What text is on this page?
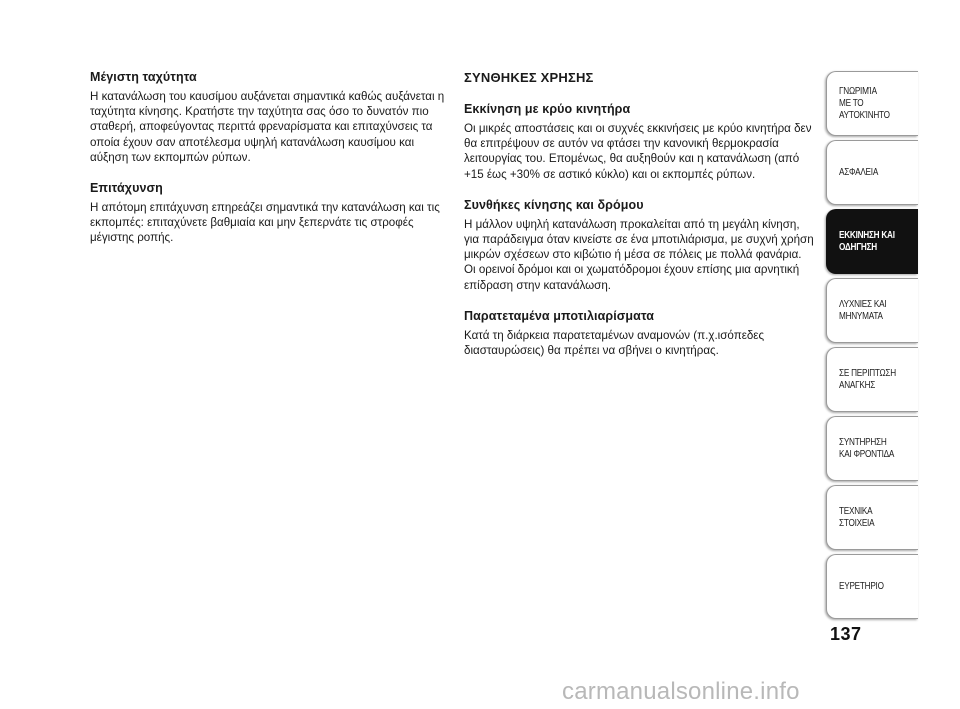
Μέγιστη ταχύτητα
Η κατανάλωση του καυσίμου αυξάνεται σημαντικά καθώς αυξάνεται η ταχύτητα κίνησης. Κρατήστε την ταχύτητα σας όσο το δυνατόν πιο σταθερή, αποφεύγοντας περιττά φρεναρίσματα και επιταχύνσεις τα οποία έχουν σαν αποτέλεσμα υψηλή κατανάλωση καυσίμου και αύξηση των εκπομπών ρύπων.
Επιτάχυνση
Η απότομη επιτάχυνση επηρεάζει σημαντικά την κατανάλωση και τις εκπομπές: επιταχύνετε βαθμιαία και μην ξεπερνάτε τις στροφές μέγιστης ροπής.
ΣΥΝΘΗΚΕΣ ΧΡΗΣΗΣ
Εκκίνηση με κρύο κινητήρα
Οι μικρές αποστάσεις και οι συχνές εκκινήσεις με κρύο κινητήρα δεν θα επιτρέψουν σε αυτόν να φτάσει την κανονική θερμοκρασία λειτουργίας του. Επομένως, θα αυξηθούν και η κατανάλωση (από +15 έως +30% σε αστικό κύκλο) και οι εκπομπές ρύπων.
Συνθήκες κίνησης και δρόμου
Η μάλλον υψηλή κατανάλωση προκαλείται από τη μεγάλη κίνηση, για παράδειγμα όταν κινείστε σε ένα μποτιλιάρισμα, με συχνή χρήση μικρών σχέσεων στο κιβώτιο ή μέσα σε πόλεις με πολλά φανάρια. Οι ορεινοί δρόμοι και οι χωματόδρομοι έχουν επίσης μια αρνητική επίδραση στην κατανάλωση.
Παρατεταμένα μποτιλιαρίσματα
Κατά τη διάρκεια παρατεταμένων αναμονών (π.χ.ισόπεδες διασταυρώσεις) θα πρέπει να σβήνει ο κινητήρας.
ΓΝΩΡΙΜΊΑ
ΜΕ ΤΟ
ΑΥΤΟΚΊΝΗΤΟ
ΑΣΦΑΛΕΙΑ
ΕΚΚΙΝΗΣΗ ΚΑΙ
ΟΔΗΓΗΣΗ
ΛΥΧΝΙΕΣ ΚΑΙ
ΜΗΝΥΜΑΤΑ
ΣΕ ΠΕΡΙΠΤΩΣΗ
ΑΝΑΓΚΗΣ
ΣΥΝΤΗΡΗΣΗ
ΚΑΙ ΦΡΟΝΤΙΔΑ
ΤΕΧΝΙΚΑ
ΣΤΟΙΧΕΙΑ
ΕΥΡΕΤΗΡΙΟ
137
carmanualsonline.info
